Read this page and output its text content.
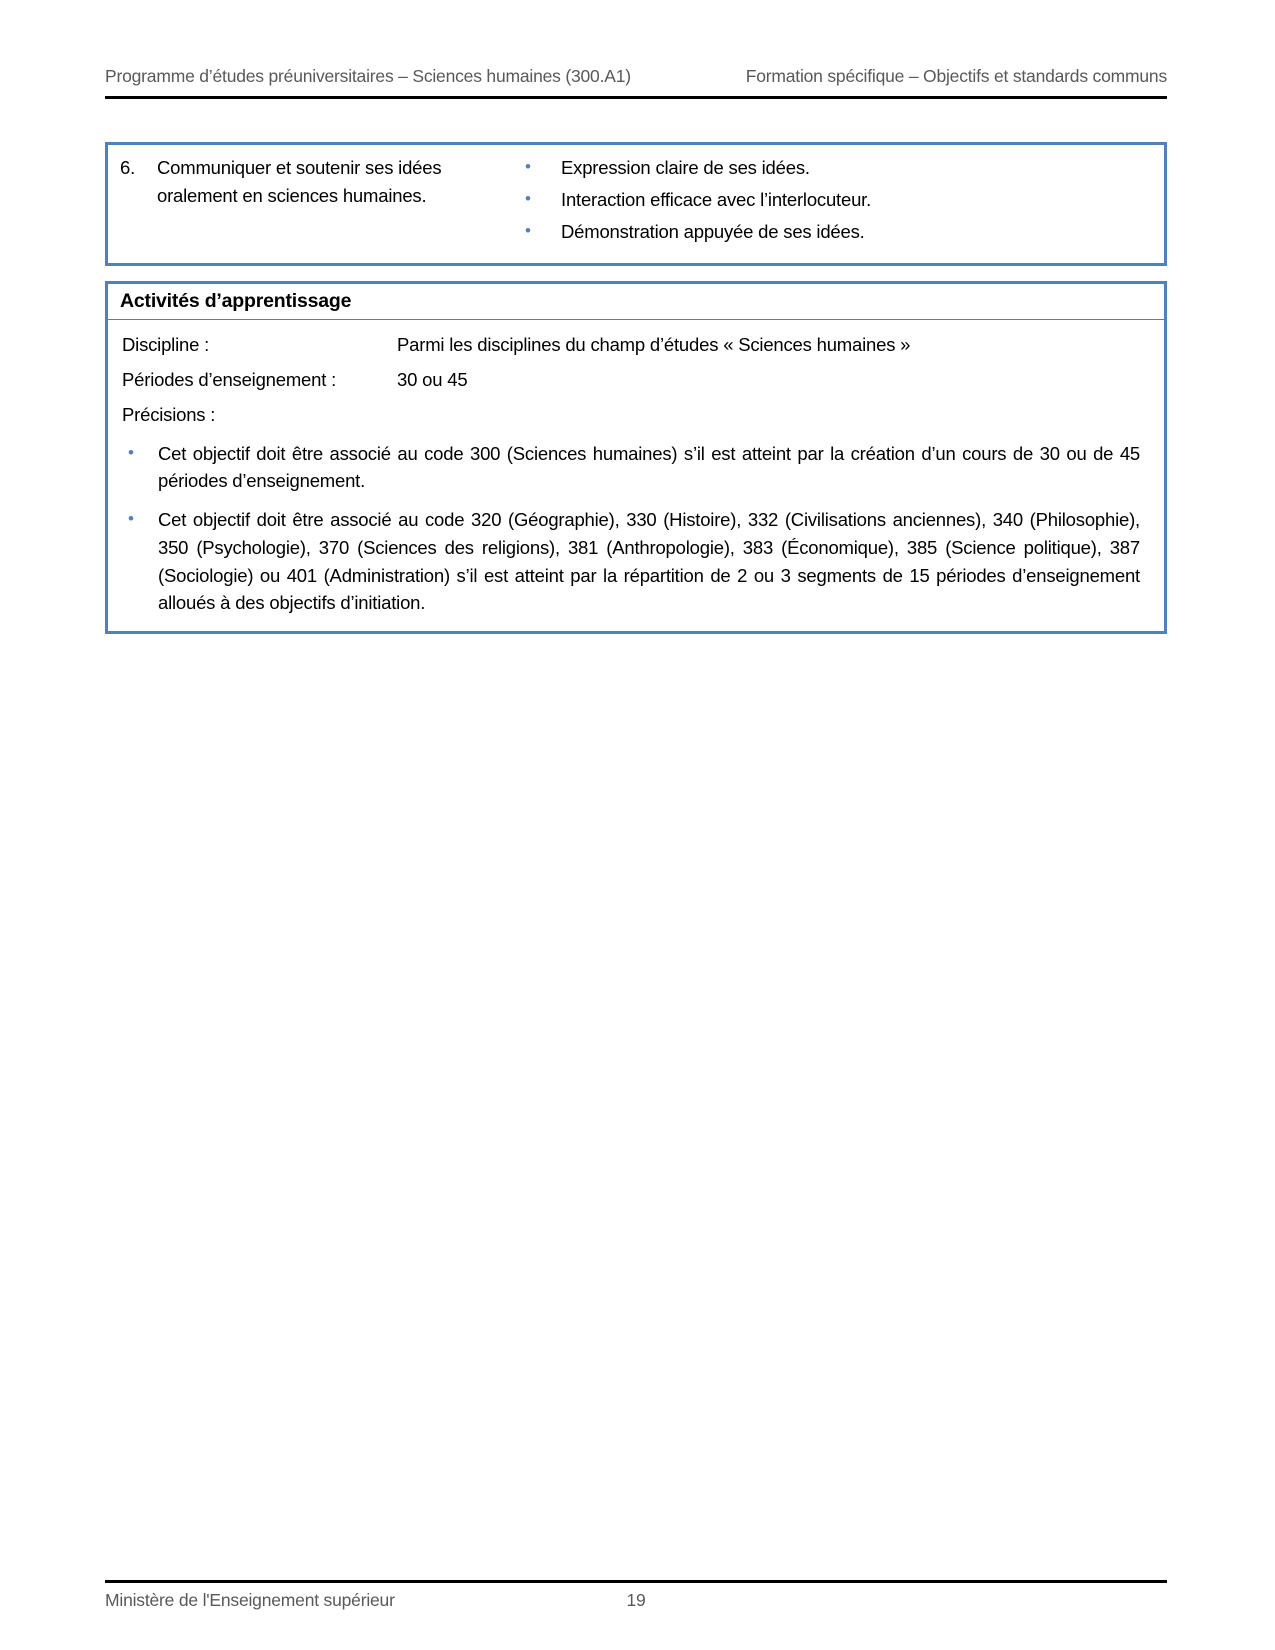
Programme d’études préuniversitaires – Sciences humaines (300.A1)	Formation spécifique – Objectifs et standards communs
6.	Communiquer et soutenir ses idées oralement en sciences humaines.
•	Expression claire de ses idées.
•	Interaction efficace avec l’interlocuteur.
•	Démonstration appuyée de ses idées.
Activités d’apprentissage
Discipline :	Parmi les disciplines du champ d’études « Sciences humaines »
Périodes d’enseignement :	30 ou 45
Précisions :
•	Cet objectif doit être associé au code 300 (Sciences humaines) s’il est atteint par la création d’un cours de 30 ou de 45 périodes d’enseignement.

•	Cet objectif doit être associé au code 320 (Géographie), 330 (Histoire), 332 (Civilisations anciennes), 340 (Philosophie), 350 (Psychologie), 370 (Sciences des religions), 381 (Anthropologie), 383 (Économique), 385 (Science politique), 387 (Sociologie) ou 401 (Administration) s’il est atteint par la répartition de 2 ou 3 segments de 15 périodes d’enseignement alloués à des objectifs d’initiation.

Ministère de l'Enseignement supérieur	19
